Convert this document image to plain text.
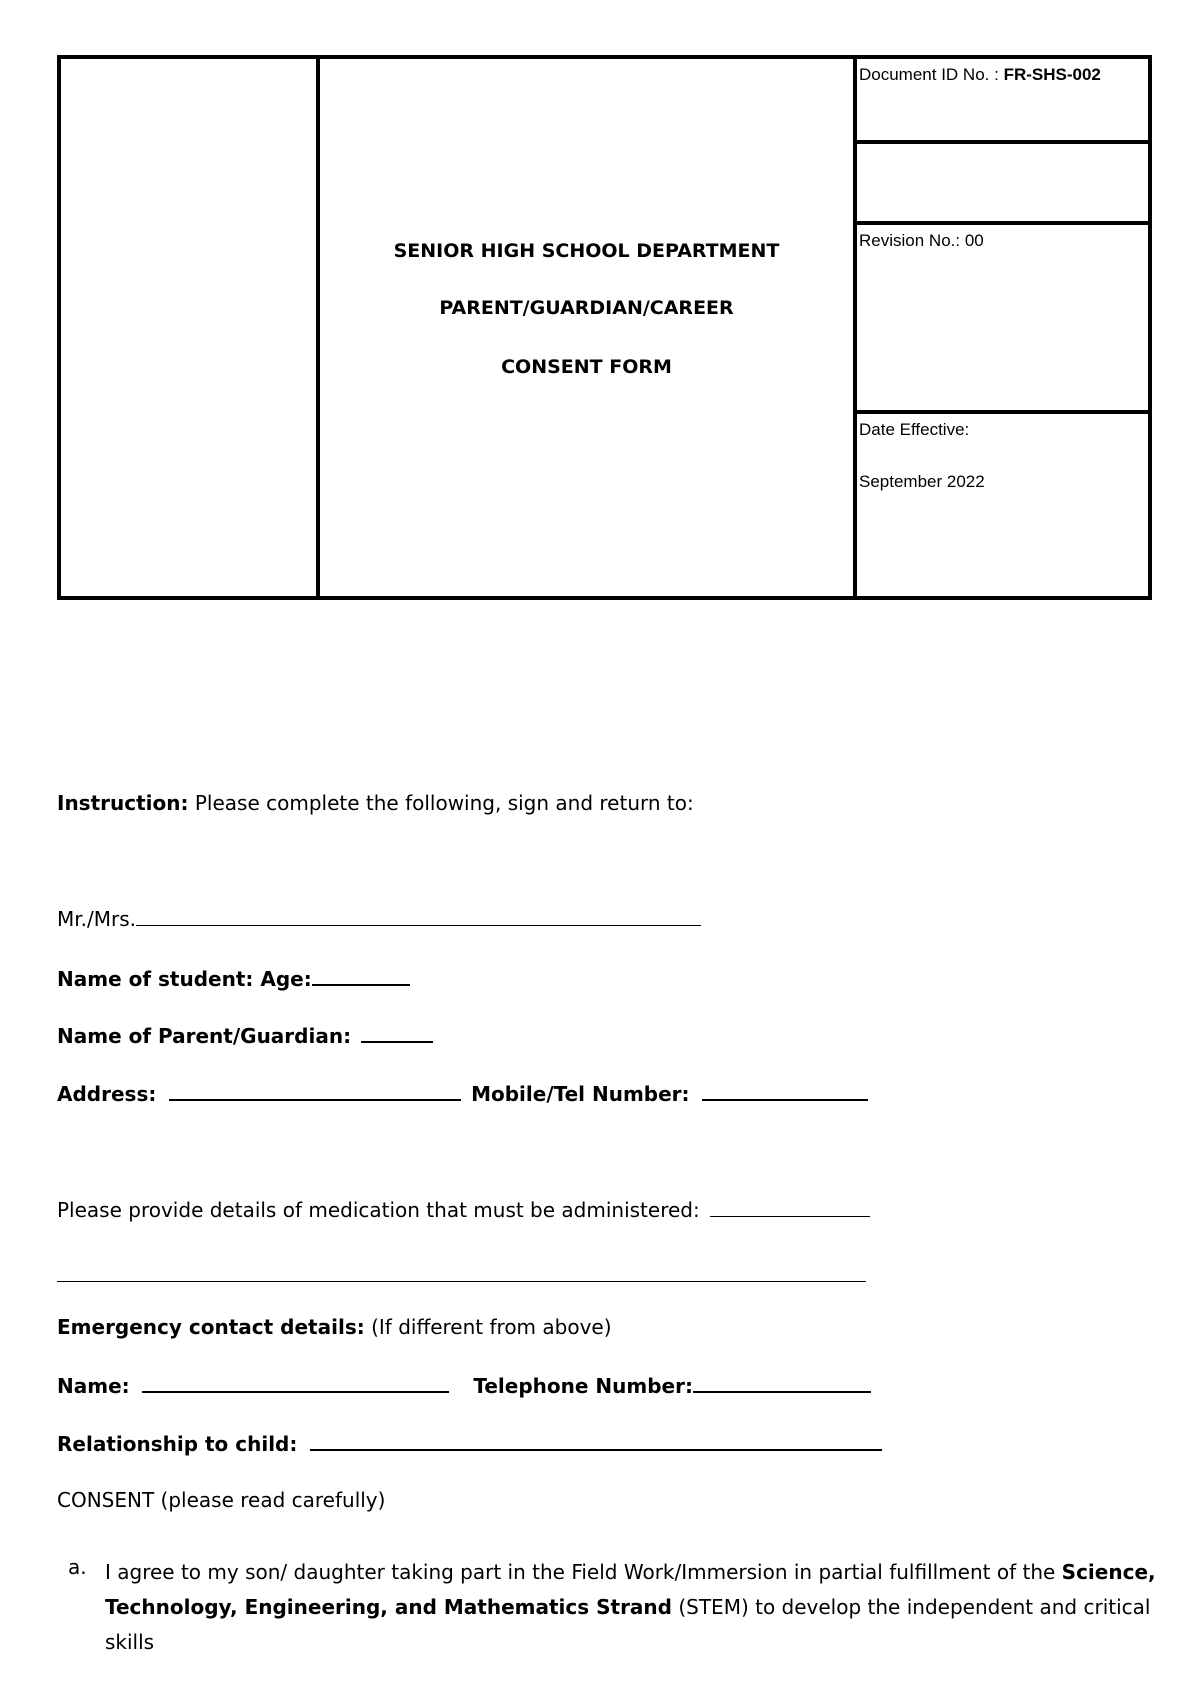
SENIOR HIGH SCHOOL DEPARTMENT
PARENT/GUARDIAN/CAREER
CONSENT FORM
Document ID No. : FR-SHS-002
Revision No.: 00
Date Effective:
September 2022
Instruction: Please complete the following, sign and return to:
Mr./Mrs.
Name of student: Age:
Name of Parent/Guardian:
Address:	Mobile/Tel Number:
Please provide details of medication that must be administered:
Emergency contact details: (If different from above)
Name:	Telephone Number:
Relationship to child:
CONSENT (please read carefully)
a. I agree to my son/ daughter taking part in the Field Work/Immersion in partial fulfillment of the Science, Technology, Engineering, and Mathematics Strand (STEM) to develop the independent and critical skills
